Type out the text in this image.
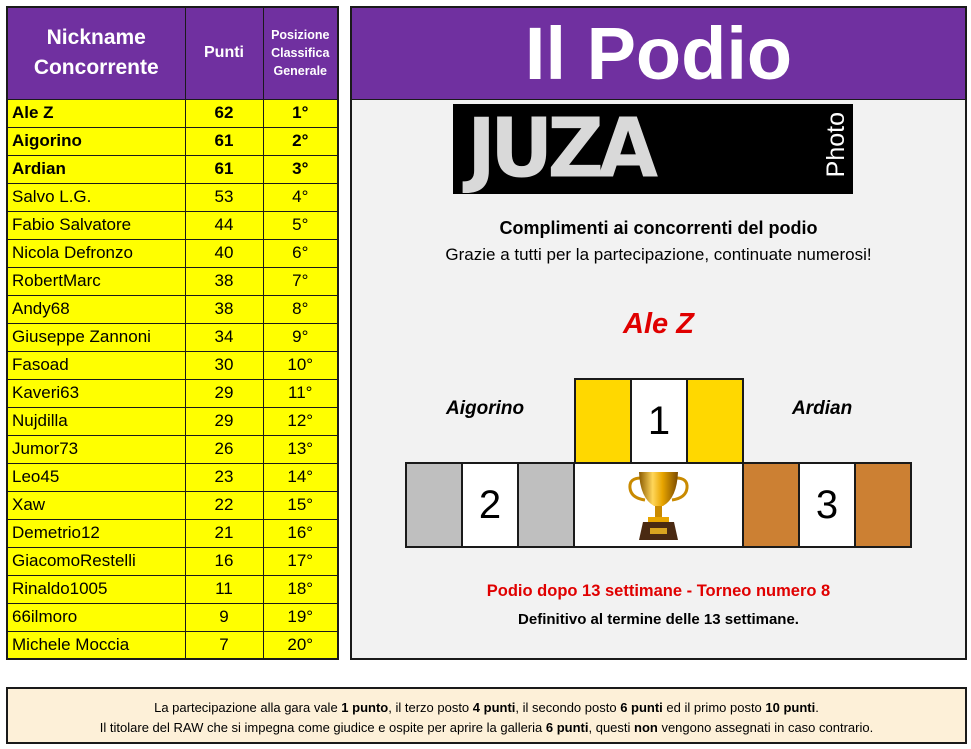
Nickname Concorrente	Punti	Posizione Classifica Generale
Ale Z	62	1°
Aigorino	61	2°
Ardian	61	3°
Salvo L.G.	53	4°
Fabio Salvatore	44	5°
Nicola Defronzo	40	6°
RobertMarc	38	7°
Andy68	38	8°
Giuseppe Zannoni	34	9°
Fasoad	30	10°
Kaveri63	29	11°
Nujdilla	29	12°
Jumor73	26	13°
Leo45	23	14°
Xaw	22	15°
Demetrio12	21	16°
GiacomoRestelli	16	17°
Rinaldo1005	11	18°
66ilmoro	9	19°
Michele Moccia	7	20°
Il Podio
JUZA	Photo
Complimenti ai concorrenti del podio
Grazie a tutti per la partecipazione, continuate numerosi!
Ale Z
Aigorino	Ardian
1
2	3
Podio dopo 13 settimane - Torneo numero 8
Definitivo al termine delle 13 settimane.
La partecipazione alla gara vale 1 punto, il terzo posto 4 punti, il secondo posto 6 punti ed il primo posto 10 punti.
Il titolare del RAW che si impegna come giudice e ospite per aprire la galleria 6 punti, questi non vengono assegnati in caso contrario.
